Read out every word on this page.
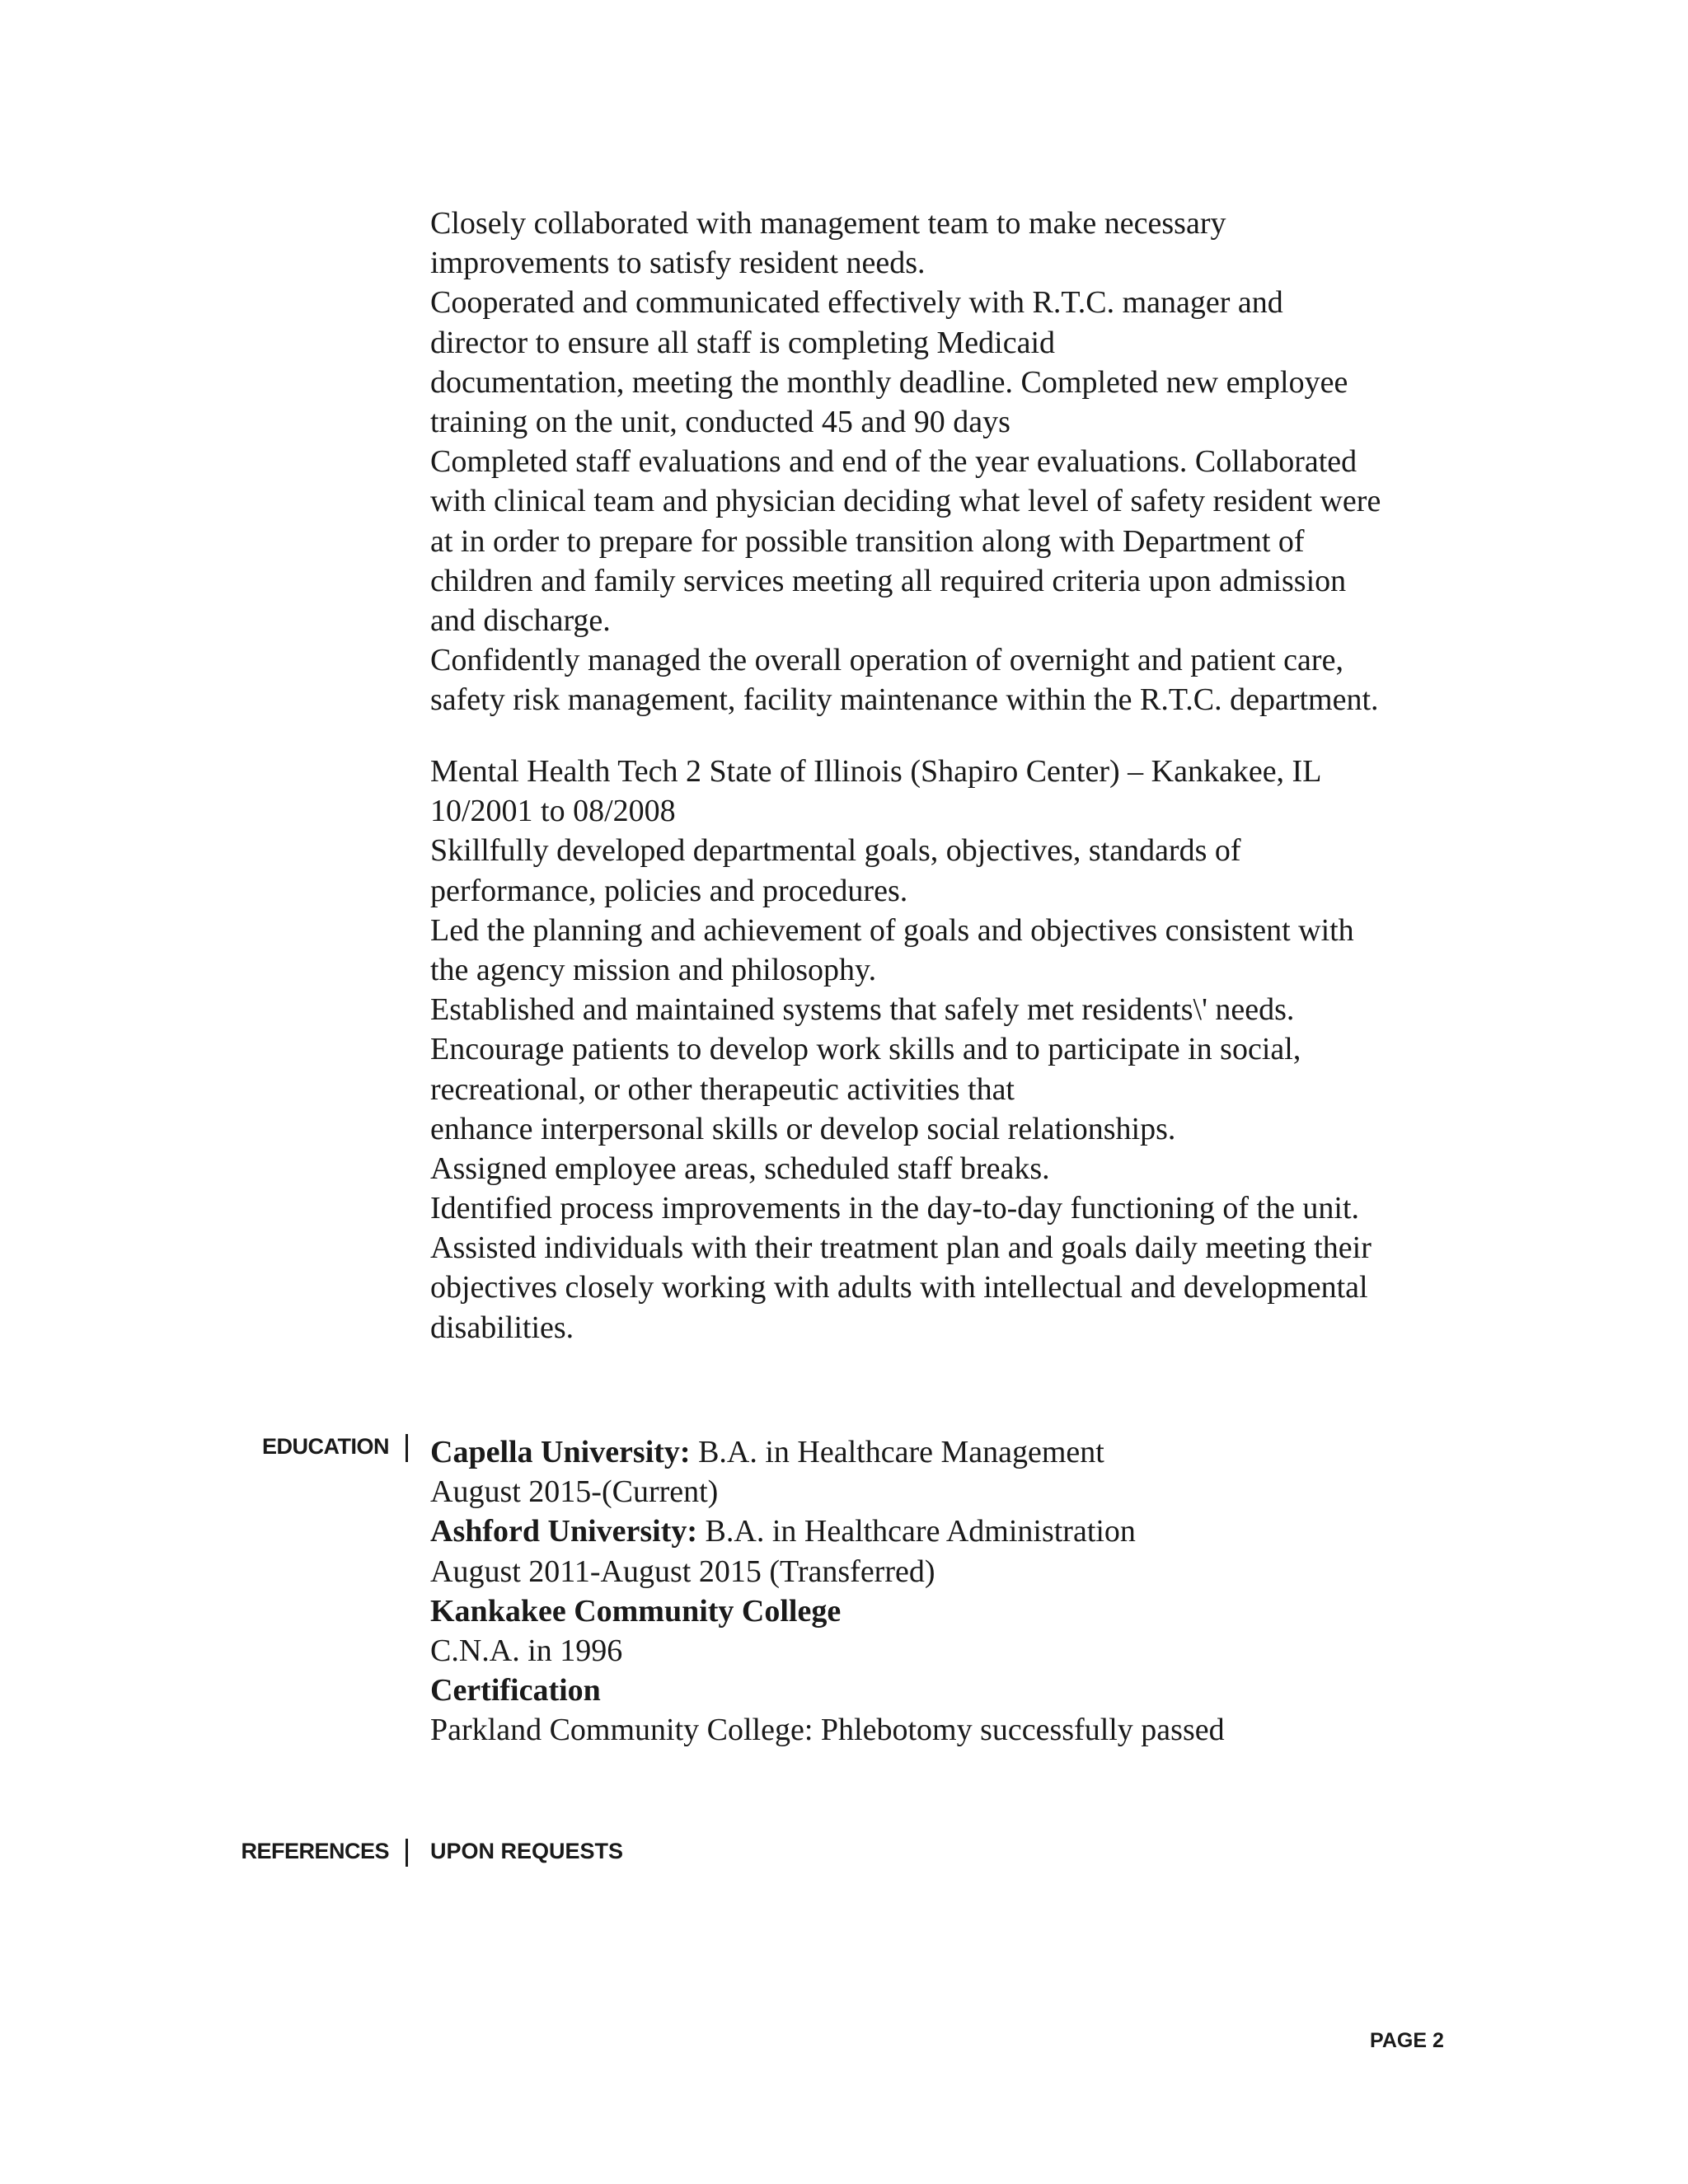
Closely collaborated with management team to make necessary
improvements to satisfy resident needs.
Cooperated and communicated effectively with R.T.C. manager and
director to ensure all staff is completing Medicaid
documentation, meeting the monthly deadline. Completed new employee
training on the unit, conducted 45 and 90 days
Completed staff evaluations and end of the year evaluations. Collaborated
with clinical team and physician deciding what level of safety resident were
at in order to prepare for possible transition along with Department of
children and family services meeting all required criteria upon admission
and discharge.
Confidently managed the overall operation of overnight and patient care,
safety risk management, facility maintenance within the R.T.C. department.
Mental Health Tech 2 State of Illinois (Shapiro Center) – Kankakee, IL
10/2001 to 08/2008
Skillfully developed departmental goals, objectives, standards of
performance, policies and procedures.
Led the planning and achievement of goals and objectives consistent with
the agency mission and philosophy.
Established and maintained systems that safely met residents\' needs.
Encourage patients to develop work skills and to participate in social,
recreational, or other therapeutic activities that
enhance interpersonal skills or develop social relationships.
Assigned employee areas, scheduled staff breaks.
Identified process improvements in the day-to-day functioning of the unit.
Assisted individuals with their treatment plan and goals daily meeting their
objectives closely working with adults with intellectual and developmental
disabilities.
EDUCATION Capella University: B.A. in Healthcare Management
August 2015-(Current)
Ashford University: B.A. in Healthcare Administration
August 2011-August 2015 (Transferred)
Kankakee Community College
C.N.A. in 1996
Certification
Parkland Community College: Phlebotomy successfully passed
REFERENCES UPON REQUESTS
PAGE 2
